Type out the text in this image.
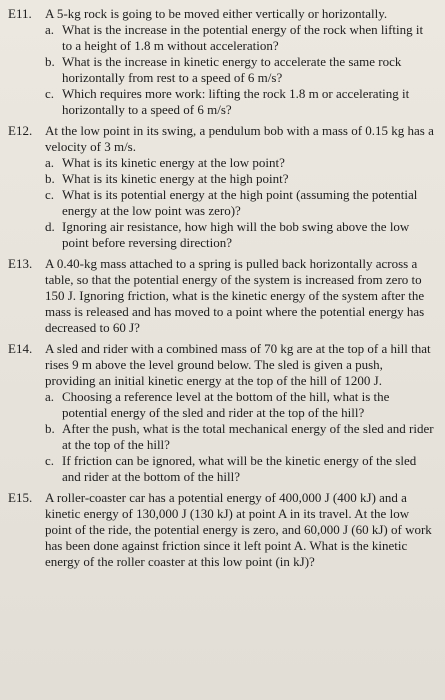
E11.	A 5-kg rock is going to be moved either vertically or horizontally.
a. What is the increase in the potential energy of the rock when lifting it to a height of 1.8 m without acceleration?
b. What is the increase in kinetic energy to accelerate the same rock horizontally from rest to a speed of 6 m/s?
c. Which requires more work: lifting the rock 1.8 m or accelerating it horizontally to a speed of 6 m/s?
E12. At the low point in its swing, a pendulum bob with a mass of 0.15 kg has a velocity of 3 m/s.
a. What is its kinetic energy at the low point?
b. What is its kinetic energy at the high point?
c. What is its potential energy at the high point (assuming the potential energy at the low point was zero)?
d. Ignoring air resistance, how high will the bob swing above the low point before reversing direction?
E13. A 0.40-kg mass attached to a spring is pulled back horizontally across a table, so that the potential energy of the system is increased from zero to 150 J. Ignoring friction, what is the kinetic energy of the system after the mass is released and has moved to a point where the potential energy has decreased to 60 J?
E14. A sled and rider with a combined mass of 70 kg are at the top of a hill that rises 9 m above the level ground below. The sled is given a push, providing an initial kinetic energy at the top of the hill of 1200 J.
a. Choosing a reference level at the bottom of the hill, what is the potential energy of the sled and rider at the top of the hill?
b. After the push, what is the total mechanical energy of the sled and rider at the top of the hill?
c. If friction can be ignored, what will be the kinetic energy of the sled and rider at the bottom of the hill?
E15. A roller-coaster car has a potential energy of 400,000 J (400 kJ) and a kinetic energy of 130,000 J (130 kJ) at point A in its travel. At the low point of the ride, the potential energy is zero, and 60,000 J (60 kJ) of work has been done against friction since it left point A. What is the kinetic energy of the roller coaster at this low point (in kJ)?
